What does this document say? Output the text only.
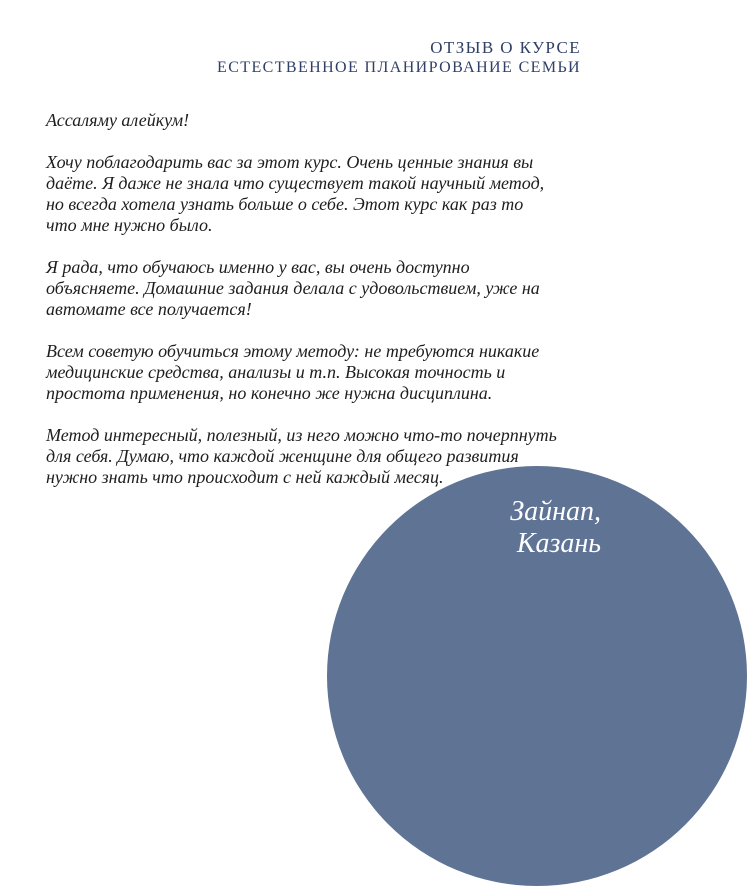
ОТЗЫВ О КУРСЕ
ЕСТЕСТВЕННОЕ ПЛАНИРОВАНИЕ СЕМЬИ

Ассаляму алейкум!

Хочу поблагодарить вас за этот курс. Очень ценные знания вы
даёте. Я даже не знала что существует такой научный метод,
но всегда хотела узнать больше о себе. Этот курс как раз то
что мне нужно было.

Я рада, что обучаюсь именно у вас, вы очень доступно
объясняете. Домашние задания делала с удовольствием, уже на
автомате все получается!

Всем советую обучиться этому методу: не требуются никакие
медицинские средства, анализы и т.п. Высокая точность и
простота применения, но конечно же нужна дисциплина.

Метод интересный, полезный, из него можно что-то почерпнуть
для себя. Думаю, что каждой женщине для общего развития
нужно знать что происходит с ней каждый месяц.

Зайнап,
Казань
